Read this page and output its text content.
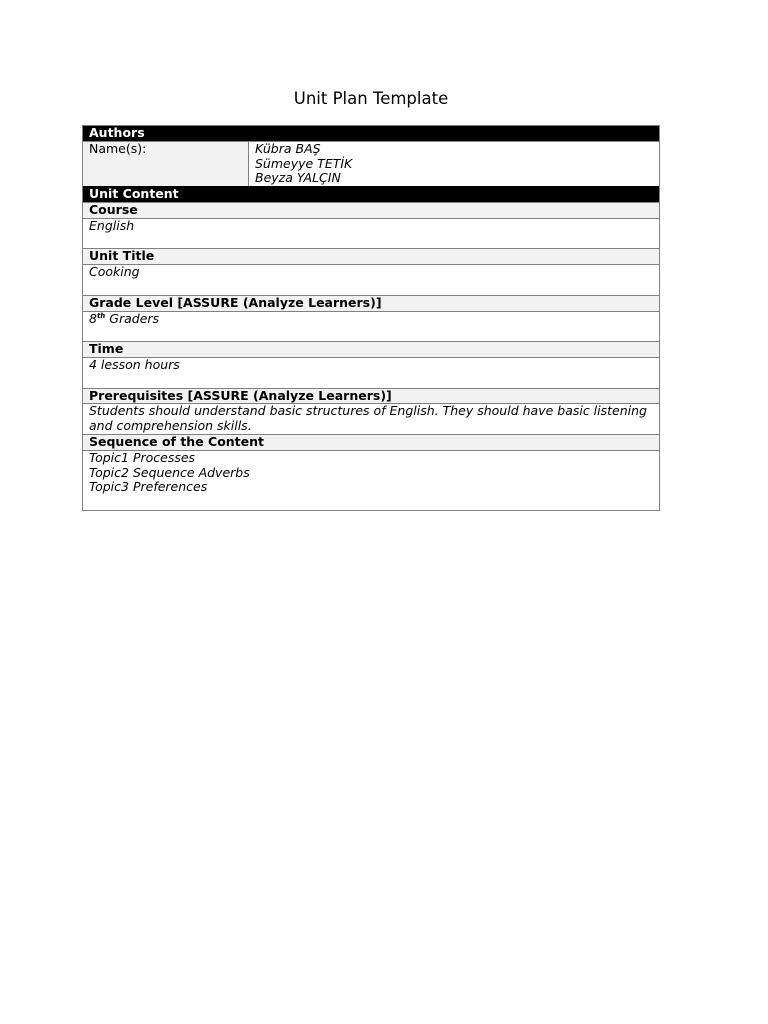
Unit Plan Template
Authors
Name(s):	Kübra BAŞ
Sümeyye TETİK
Beyza YALÇIN
Unit Content
Course
English
Unit Title
Cooking
Grade Level [ASSURE (Analyze Learners)]
8th Graders
Time
4 lesson hours
Prerequisites [ASSURE (Analyze Learners)]
Students should understand basic structures of English. They should have basic listening and comprehension skills.
Sequence of the Content
Topic1 Processes
Topic2 Sequence Adverbs
Topic3 Preferences
